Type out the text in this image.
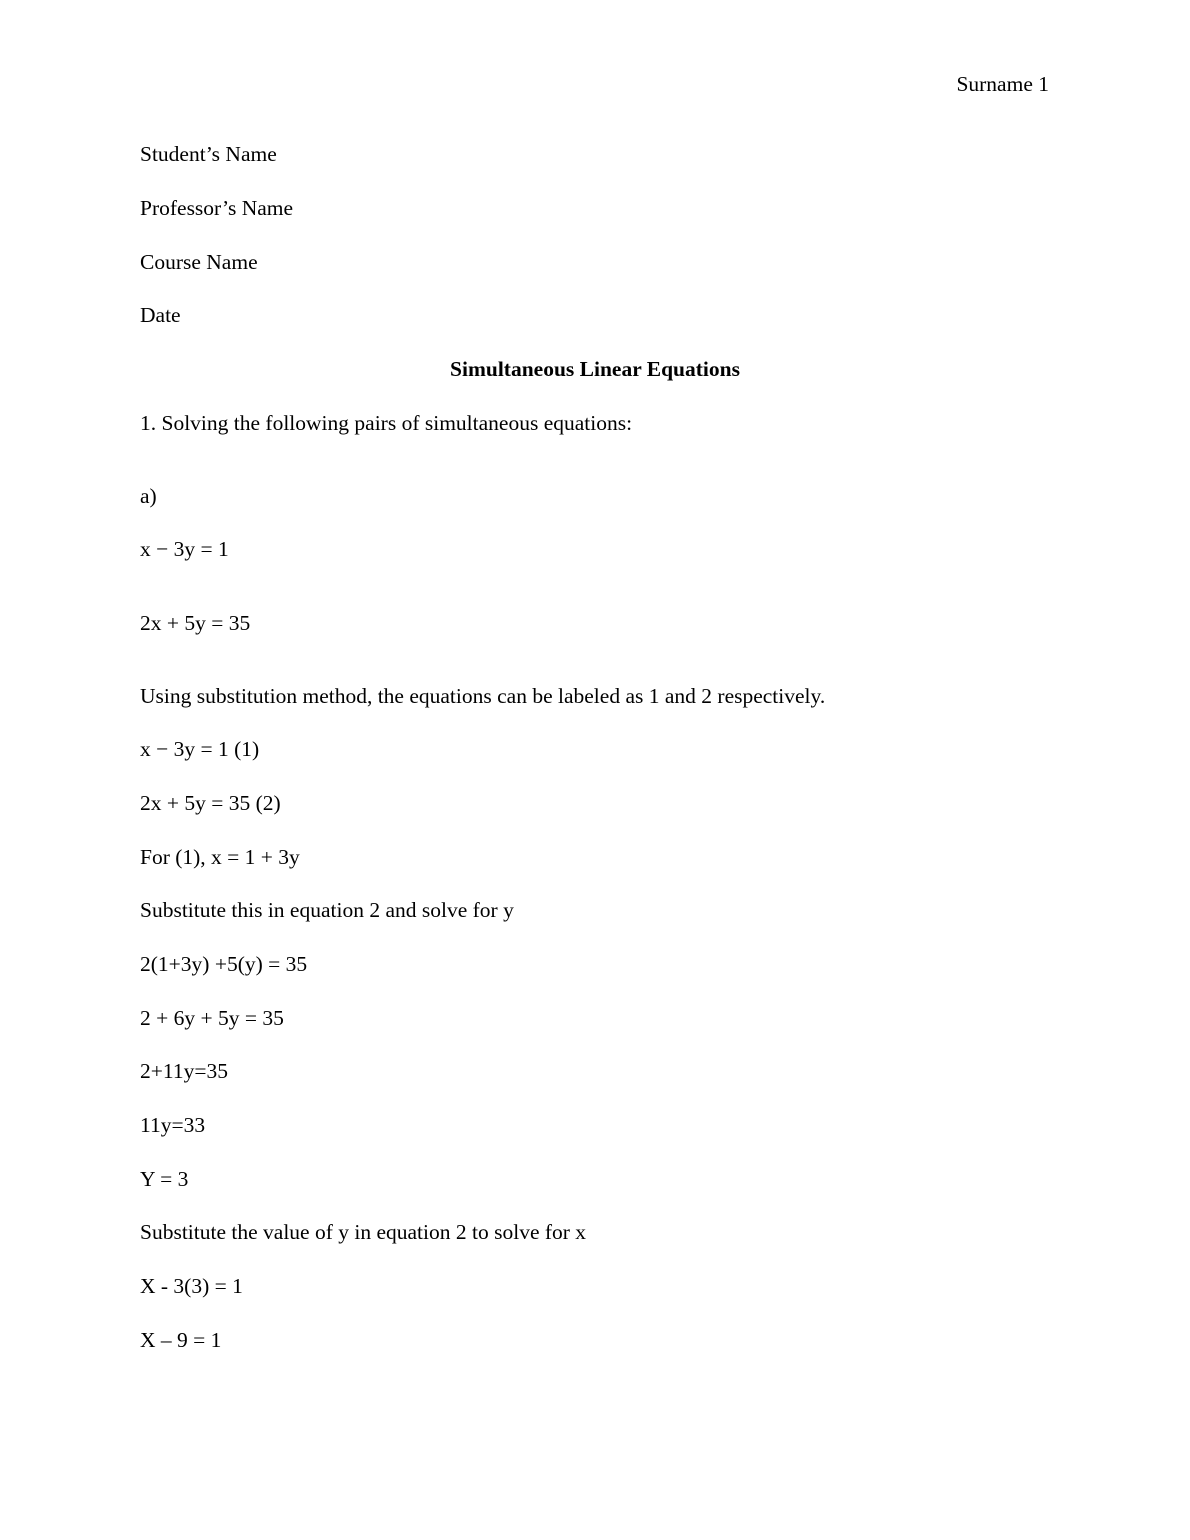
Surname 1
Student’s Name
Professor’s Name
Course Name
Date
Simultaneous Linear Equations
1. Solving the following pairs of simultaneous equations:
a)
x − 3y = 1
2x + 5y = 35
Using substitution method, the equations can be labeled as 1 and 2 respectively.
x − 3y = 1 (1)
2x + 5y = 35 (2)
For (1), x = 1 + 3y
Substitute this in equation 2 and solve for y
2(1+3y) +5(y) = 35
2 + 6y + 5y = 35
2+11y=35
11y=33
Y = 3
Substitute the value of y in equation 2 to solve for x
X - 3(3) = 1
X – 9 = 1
